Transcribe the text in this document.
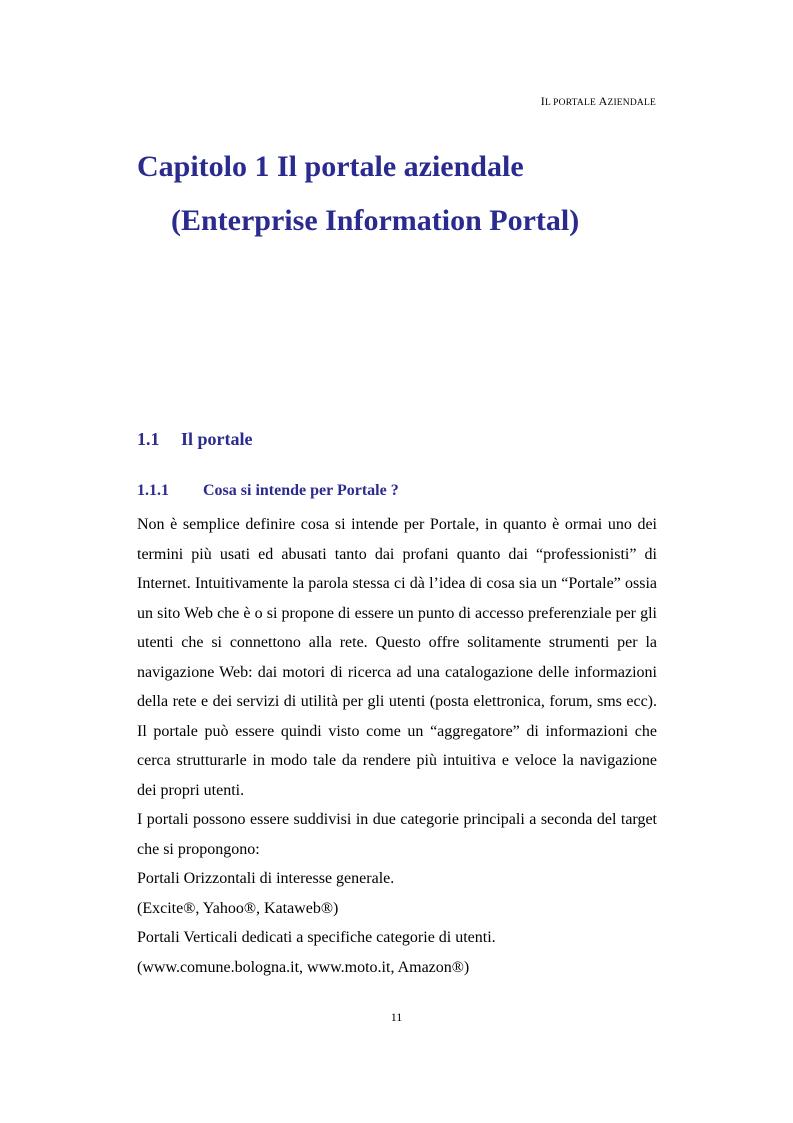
IL PORTALE AZIENDALE
Capitolo 1 Il portale aziendale
(Enterprise Information Portal)
1.1 Il portale
1.1.1 Cosa si intende per Portale ?

Non è semplice definire cosa si intende per Portale, in quanto è ormai uno dei termini più usati ed abusati tanto dai profani quanto dai “professionisti” di Internet. Intuitivamente la parola stessa ci dà l’idea di cosa sia un “Portale” ossia un sito Web che è o si propone di essere un punto di accesso preferenziale per gli utenti che si connettono alla rete. Questo offre solitamente strumenti per la navigazione Web: dai motori di ricerca ad una catalogazione delle informazioni della rete e dei servizi di utilità per gli utenti (posta elettronica, forum, sms ecc). Il portale può essere quindi visto come un “aggregatore” di informazioni che cerca strutturarle in modo tale da rendere più intuitiva e veloce la navigazione dei propri utenti.

I portali possono essere suddivisi in due categorie principali a seconda del target che si propongono:

Portali Orizzontali di interesse generale.
(Excite®, Yahoo®, Kataweb®)
Portali Verticali dedicati a specifiche categorie di utenti.
(www.comune.bologna.it, www.moto.it, Amazon®)
11
